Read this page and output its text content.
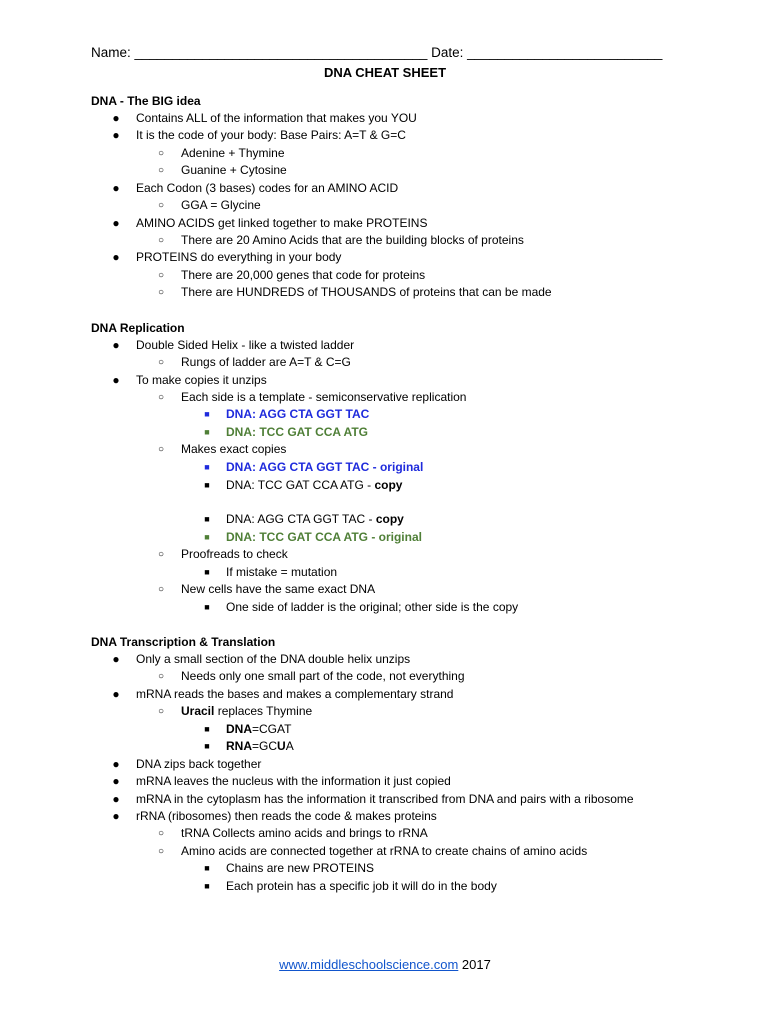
Name: _______________________________________ Date: __________________________
DNA CHEAT SHEET
DNA - The BIG idea
● Contains ALL of the information that makes you YOU
● It is the code of your body: Base Pairs: A=T & G=C
○ Adenine + Thymine
○ Guanine + Cytosine
● Each Codon (3 bases) codes for an AMINO ACID
○ GGA = Glycine
● AMINO ACIDS get linked together to make PROTEINS
○ There are 20 Amino Acids that are the building blocks of proteins
● PROTEINS do everything in your body
○ There are 20,000 genes that code for proteins
○ There are HUNDREDS of THOUSANDS of proteins that can be made
DNA Replication
● Double Sided Helix - like a twisted ladder
○ Rungs of ladder are A=T & C=G
● To make copies it unzips
○ Each side is a template - semiconservative replication
■ DNA: AGG CTA GGT TAC
■ DNA: TCC GAT CCA ATG
○ Makes exact copies
■ DNA: AGG CTA GGT TAC - original
■ DNA: TCC GAT CCA ATG - copy
■ DNA: AGG CTA GGT TAC - copy
■ DNA: TCC GAT CCA ATG - original
○ Proofreads to check
■ If mistake = mutation
○ New cells have the same exact DNA
■ One side of ladder is the original; other side is the copy
DNA Transcription & Translation
● Only a small section of the DNA double helix unzips
○ Needs only one small part of the code, not everything
● mRNA reads the bases and makes a complementary strand
○ Uracil replaces Thymine
■ DNA=CGAT
■ RNA=GCUA
● DNA zips back together
● mRNA leaves the nucleus with the information it just copied
● mRNA in the cytoplasm has the information it transcribed from DNA and pairs with a ribosome
● rRNA (ribosomes) then reads the code & makes proteins
○ tRNA Collects amino acids and brings to rRNA
○ Amino acids are connected together at rRNA to create chains of amino acids
■ Chains are new PROTEINS
■ Each protein has a specific job it will do in the body
www.middleschoolscience.com 2017
